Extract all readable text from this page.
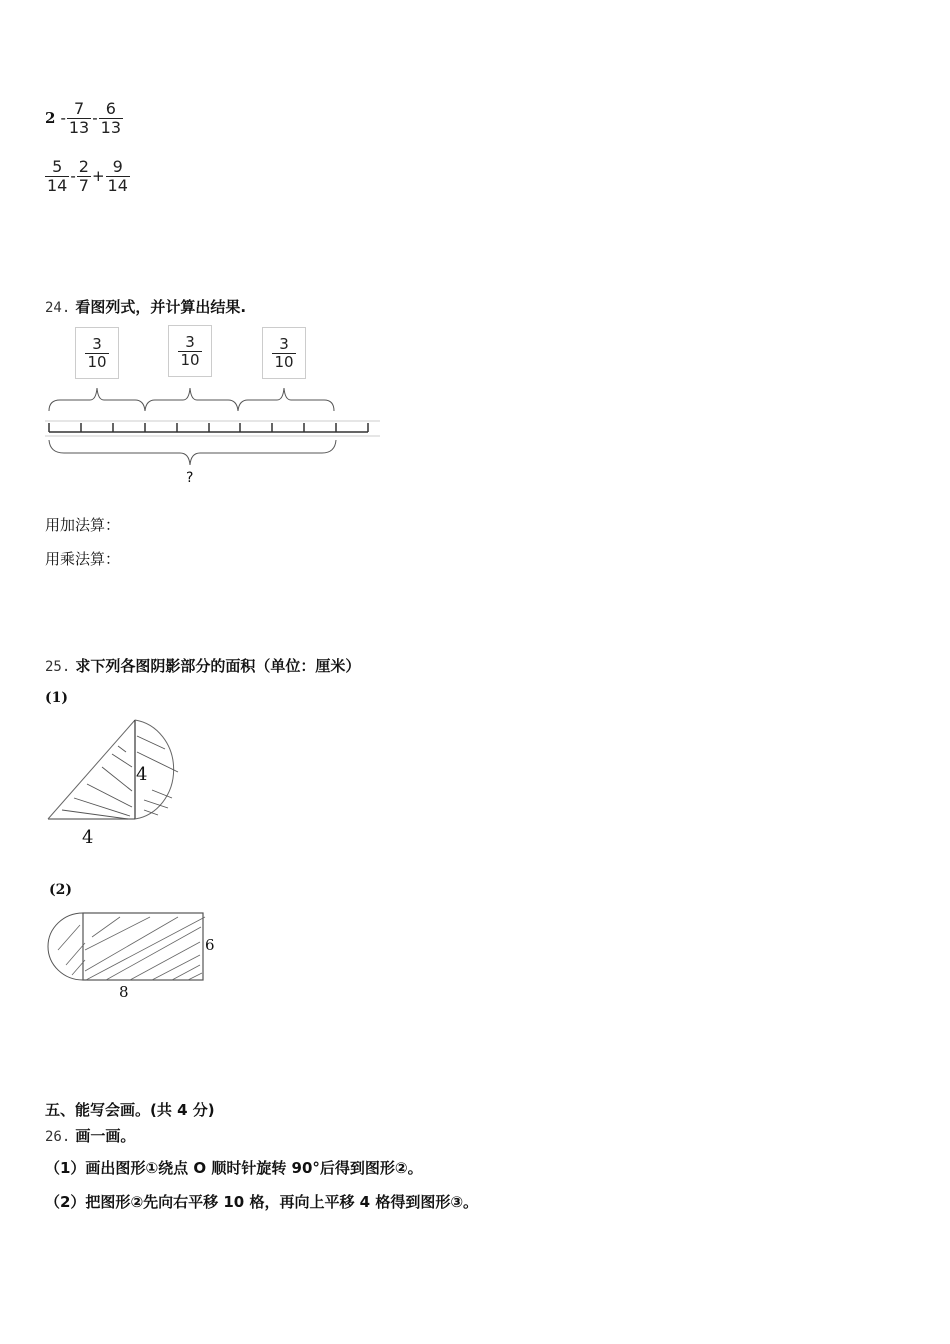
$2 - \frac{7}{13} - \frac{6}{13}$
$\frac{5}{14} - \frac{2}{7} + \frac{9}{14}$
24. 看图列式，并计算出结果.
$\frac{3}{10}$	$\frac{3}{10}$	$\frac{3}{10}$
?
用加法算：
用乘法算：
25. 求下列各图阴影部分的面积（单位：厘米）
(1)
4
4
(2)
6
8
五、能写会画。(共 4 分)
26. 画一画。
（1）画出图形①绕点 O 顺时针旋转 90°后得到图形②。
（2）把图形②先向右平移 10 格，再向上平移 4 格得到图形③。
